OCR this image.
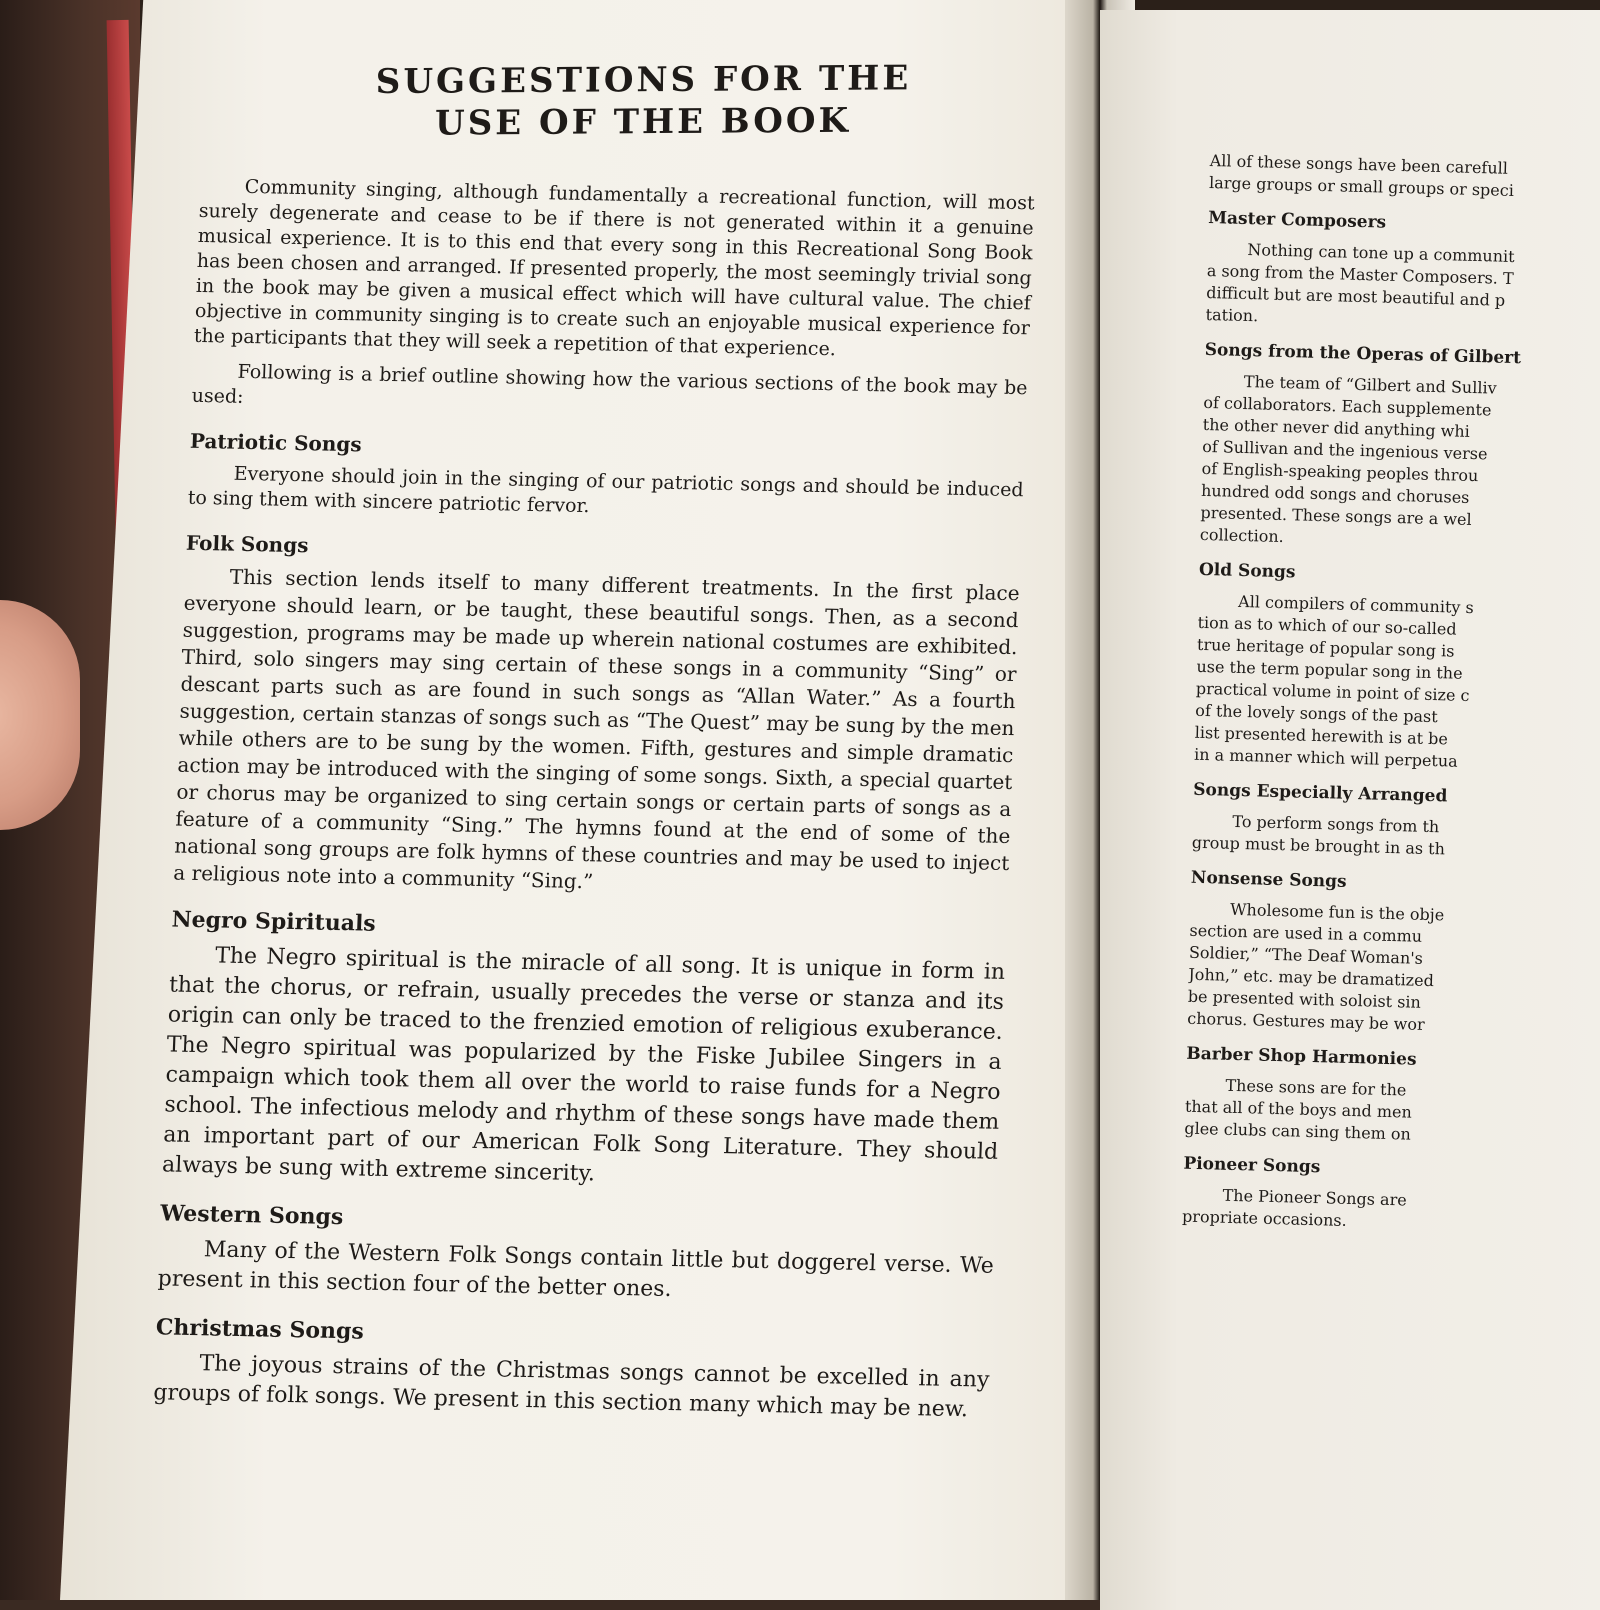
SUGGESTIONS FOR THE
USE OF THE BOOK

Community singing, although fundamentally a recreational function, will most surely degenerate and cease to be if there is not generated within it a genuine musical experience. It is to this end that every song in this Recreational Song Book has been chosen and arranged. If presented properly, the most seemingly trivial song in the book may be given a musical effect which will have cultural value. The chief objective in community singing is to create such an enjoyable musical experience for the participants that they will seek a repetition of that experience.

Following is a brief outline showing how the various sections of the book may be used:

Patriotic Songs

Everyone should join in the singing of our patriotic songs and should be induced to sing them with sincere patriotic fervor.

Folk Songs

This section lends itself to many different treatments. In the first place everyone should learn, or be taught, these beautiful songs. Then, as a second suggestion, programs may be made up wherein national costumes are exhibited. Third, solo singers may sing certain of these songs in a community “Sing” or descant parts such as are found in such songs as “Allan Water.” As a fourth suggestion, certain stanzas of songs such as “The Quest” may be sung by the men while others are to be sung by the women. Fifth, gestures and simple dramatic action may be introduced with the singing of some songs. Sixth, a special quartet or chorus may be organized to sing certain songs or certain parts of songs as a feature of a community “Sing.” The hymns found at the end of some of the national song groups are folk hymns of these countries and may be used to inject a religious note into a community “Sing.”

Negro Spirituals

The Negro spiritual is the miracle of all song. It is unique in form in that the chorus, or refrain, usually precedes the verse or stanza and its origin can only be traced to the frenzied emotion of religious exuberance. The Negro spiritual was popularized by the Fiske Jubilee Singers in a campaign which took them all over the world to raise funds for a Negro school. The infectious melody and rhythm of these songs have made them an important part of our American Folk Song Literature. They should always be sung with extreme sincerity.

Western Songs

Many of the Western Folk Songs contain little but doggerel verse. We present in this section four of the better ones.

Christmas Songs

The joyous strains of the Christmas songs cannot be excelled in any groups of folk songs. We present in this section many which may be new.

All of these songs have been carefull
large groups or small groups or speci
Master Composers
Nothing can tone up a communit
a song from the Master Composers. T
difficult but are most beautiful and p
tation.
Songs from the Operas of Gilbert
The team of “Gilbert and Sulliv
of collaborators. Each supplemente
the other never did anything whi
of Sullivan and the ingenious verse
of English-speaking peoples throu
hundred odd songs and choruses
presented. These songs are a wel
collection.
Old Songs
All compilers of community s
tion as to which of our so-called
true heritage of popular song is
use the term popular song in the
practical volume in point of size c
of the lovely songs of the past
list presented herewith is at be
in a manner which will perpetua
Songs Especially Arranged
To perform songs from th
group must be brought in as th
Nonsense Songs
Wholesome fun is the obje
section are used in a commu
Soldier,” “The Deaf Woman's
John,” etc. may be dramatized
be presented with soloist sin
chorus. Gestures may be wor
Barber Shop Harmonies
These sons are for the
that all of the boys and men
glee clubs can sing them on
Pioneer Songs
The Pioneer Songs are
propriate occasions.
